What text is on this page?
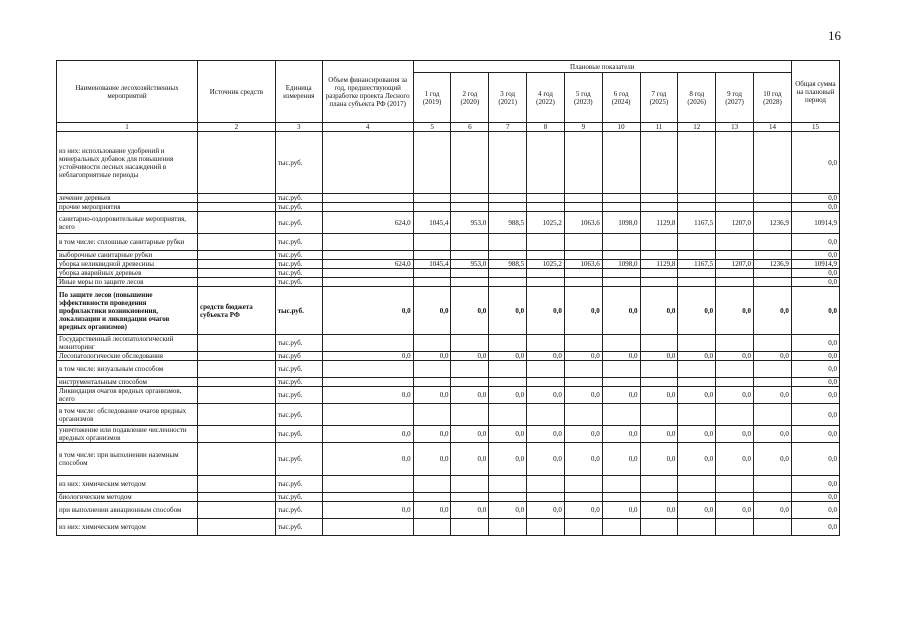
16
Наименование лесохозяйственных мероприятий	Источник средств	Единица измерения	Объем финансирования за год, предшествующий разработке проекта Лесного плана субъекта РФ (2017)	Плановые показатели										Общая сумма на плановый период
				1 год (2019)	2 год (2020)	3 год (2021)	4 год (2022)	5 год (2023)	6 год (2024)	7 год (2025)	8 год (2026)	9 год (2027)	10 год (2028)	
1	2	3	4	5	6	7	8	9	10	11	12	13	14	15
из них: использование удобрений и минеральных добавок для повышения устойчивости лесных насаждений в неблагоприятные периоды		тыс.руб.												0,0
лечение деревьев		тыс.руб.												0,0
прочие мероприятия		тыс.руб.												0,0
санитарно-оздоровительные мероприятия, всего		тыс.руб.	624,0	1045,4	953,0	988,5	1025,2	1063,6	1098,0	1129,8	1167,5	1207,0	1236,9	10914,9
в том числе: сплошные санитарные рубки		тыс.руб.												0,0
выборочные санитарные рубки		тыс.руб.												0,0
уборка неликвидной древесины		тыс.руб.	624,0	1045,4	953,0	988,5	1025,2	1063,6	1098,0	1129,8	1167,5	1207,0	1236,9	10914,9
уборка аварийных деревьев		тыс.руб.												0,0
Иные меры по защите лесов		тыс.руб.												0,0
По защите лесов (повышение эффективности проведения профилактики возникновения, локализации и ликвидации очагов вредных организмов)	средств бюджета субъекта РФ	тыс.руб.	0,0	0,0	0,0	0,0	0,0	0,0	0,0	0,0	0,0	0,0	0,0	0,0
Государственный лесопатологический мониторинг		тыс.руб.												0,0
Лесопатологические обследования		тыс.руб	0,0	0,0	0,0	0,0	0,0	0,0	0,0	0,0	0,0	0,0	0,0	0,0
в том числе: визуальным способом		тыс.руб.												0,0
инструментальным способом		тыс.руб.												0,0
Ликвидация очагов вредных организмов, всего		тыс.руб.	0,0	0,0	0,0	0,0	0,0	0,0	0,0	0,0	0,0	0,0	0,0	0,0
в том числе: обследование очагов вредных организмов		тыс.руб.												0,0
уничтожение или подавление численности вредных организмов		тыс.руб.	0,0	0,0	0,0	0,0	0,0	0,0	0,0	0,0	0,0	0,0	0,0	0,0
в том числе: при выполнении наземным способом		тыс.руб.	0,0	0,0	0,0	0,0	0,0	0,0	0,0	0,0	0,0	0,0	0,0	0,0
из них: химическим методом		тыс.руб.												0,0
биологическим методом		тыс.руб.												0,0
при выполнении авиационным способом		тыс.руб.	0,0	0,0	0,0	0,0	0,0	0,0	0,0	0,0	0,0	0,0	0,0	0,0
из них: химическим методом		тыс.руб.												0,0
